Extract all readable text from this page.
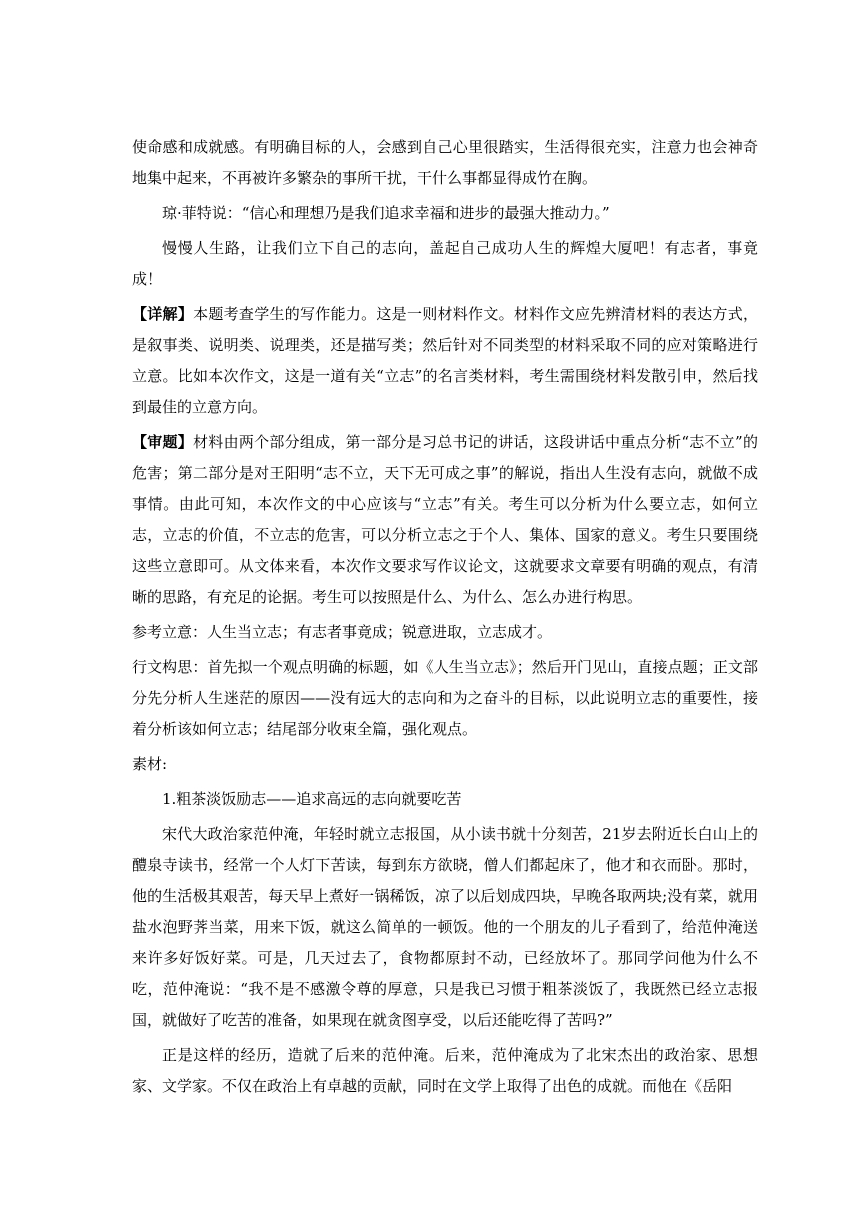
使命感和成就感。有明确目标的人，会感到自己心里很踏实，生活得很充实，注意力也会神奇地集中起来，不再被许多繁杂的事所干扰，干什么事都显得成竹在胸。

琼·菲特说：“信心和理想乃是我们追求幸福和进步的最强大推动力。”

慢慢人生路，让我们立下自己的志向，盖起自己成功人生的辉煌大厦吧！有志者，事竟成！

【详解】本题考查学生的写作能力。这是一则材料作文。材料作文应先辨清材料的表达方式，是叙事类、说明类、说理类，还是描写类；然后针对不同类型的材料采取不同的应对策略进行立意。比如本次作文，这是一道有关“立志”的名言类材料，考生需围绕材料发散引申，然后找到最佳的立意方向。

【审题】材料由两个部分组成，第一部分是习总书记的讲话，这段讲话中重点分析“志不立”的危害；第二部分是对王阳明“志不立，天下无可成之事”的解说，指出人生没有志向，就做不成事情。由此可知，本次作文的中心应该与“立志”有关。考生可以分析为什么要立志，如何立志，立志的价值，不立志的危害，可以分析立志之于个人、集体、国家的意义。考生只要围绕这些立意即可。从文体来看，本次作文要求写作议论文，这就要求文章要有明确的观点，有清晰的思路，有充足的论据。考生可以按照是什么、为什么、怎么办进行构思。

参考立意：人生当立志；有志者事竟成；锐意进取，立志成才。

行文构思：首先拟一个观点明确的标题，如《人生当立志》；然后开门见山，直接点题；正文部分先分析人生迷茫的原因——没有远大的志向和为之奋斗的目标，以此说明立志的重要性，接着分析该如何立志；结尾部分收束全篇，强化观点。

素材:

1.粗茶淡饭励志——追求高远的志向就要吃苦

宋代大政治家范仲淹，年轻时就立志报国，从小读书就十分刻苦，21岁去附近长白山上的醴泉寺读书，经常一个人灯下苦读，每到东方欲晓，僧人们都起床了，他才和衣而卧。那时，他的生活极其艰苦，每天早上煮好一锅稀饭，凉了以后划成四块，早晚各取两块;没有菜，就用盐水泡野荠当菜，用来下饭，就这么简单的一顿饭。他的一个朋友的儿子看到了，给范仲淹送来许多好饭好菜。可是，几天过去了，食物都原封不动，已经放坏了。那同学问他为什么不吃，范仲淹说：“我不是不感激令尊的厚意，只是我已习惯于粗茶淡饭了，我既然已经立志报国，就做好了吃苦的准备，如果现在就贪图享受，以后还能吃得了苦吗?”

正是这样的经历，造就了后来的范仲淹。后来，范仲淹成为了北宋杰出的政治家、思想家、文学家。不仅在政治上有卓越的贡献，同时在文学上取得了出色的成就。而他在《岳阳
